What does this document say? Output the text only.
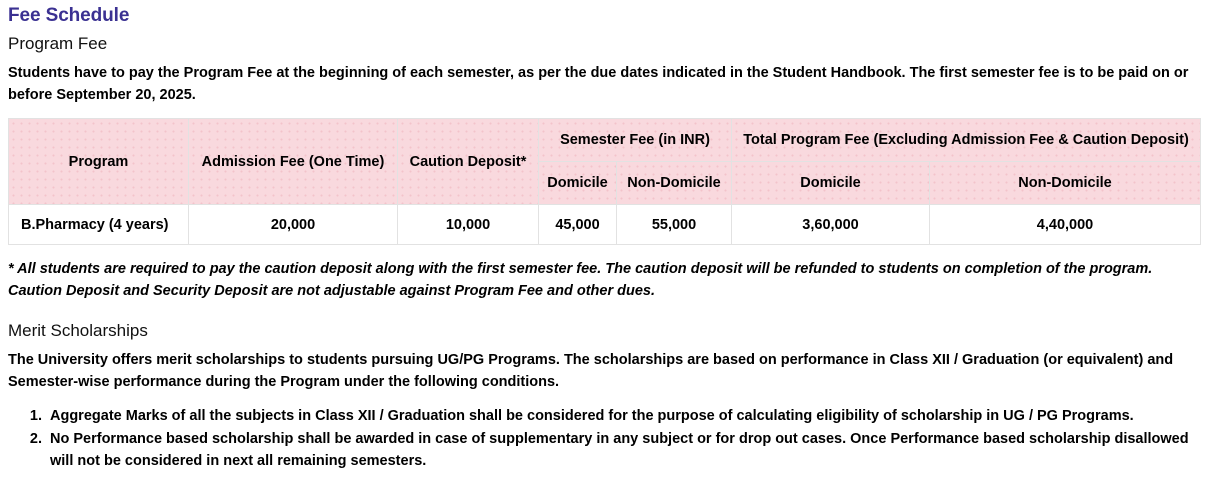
Fee Schedule
Program Fee

Students have to pay the Program Fee at the beginning of each semester, as per the due dates indicated in the Student Handbook. The first semester fee is to be paid on or before September 20, 2025.

Program	Admission Fee (One Time)	Caution Deposit*	Semester Fee (in INR)		Total Program Fee (Excluding Admission Fee & Caution Deposit)	
			Domicile	Non-Domicile	Domicile	Non-Domicile
B.Pharmacy (4 years)	20,000	10,000	45,000	55,000	3,60,000	4,40,000

* All students are required to pay the caution deposit along with the first semester fee. The caution deposit will be refunded to students on completion of the program. Caution Deposit and Security Deposit are not adjustable against Program Fee and other dues.

Merit Scholarships

The University offers merit scholarships to students pursuing UG/PG Programs. The scholarships are based on performance in Class XII / Graduation (or equivalent) and Semester-wise performance during the Program under the following conditions.

1. Aggregate Marks of all the subjects in Class XII / Graduation shall be considered for the purpose of calculating eligibility of scholarship in UG / PG Programs.
2. No Performance based scholarship shall be awarded in case of supplementary in any subject or for drop out cases. Once Performance based scholarship disallowed will not be considered in next all remaining semesters.
